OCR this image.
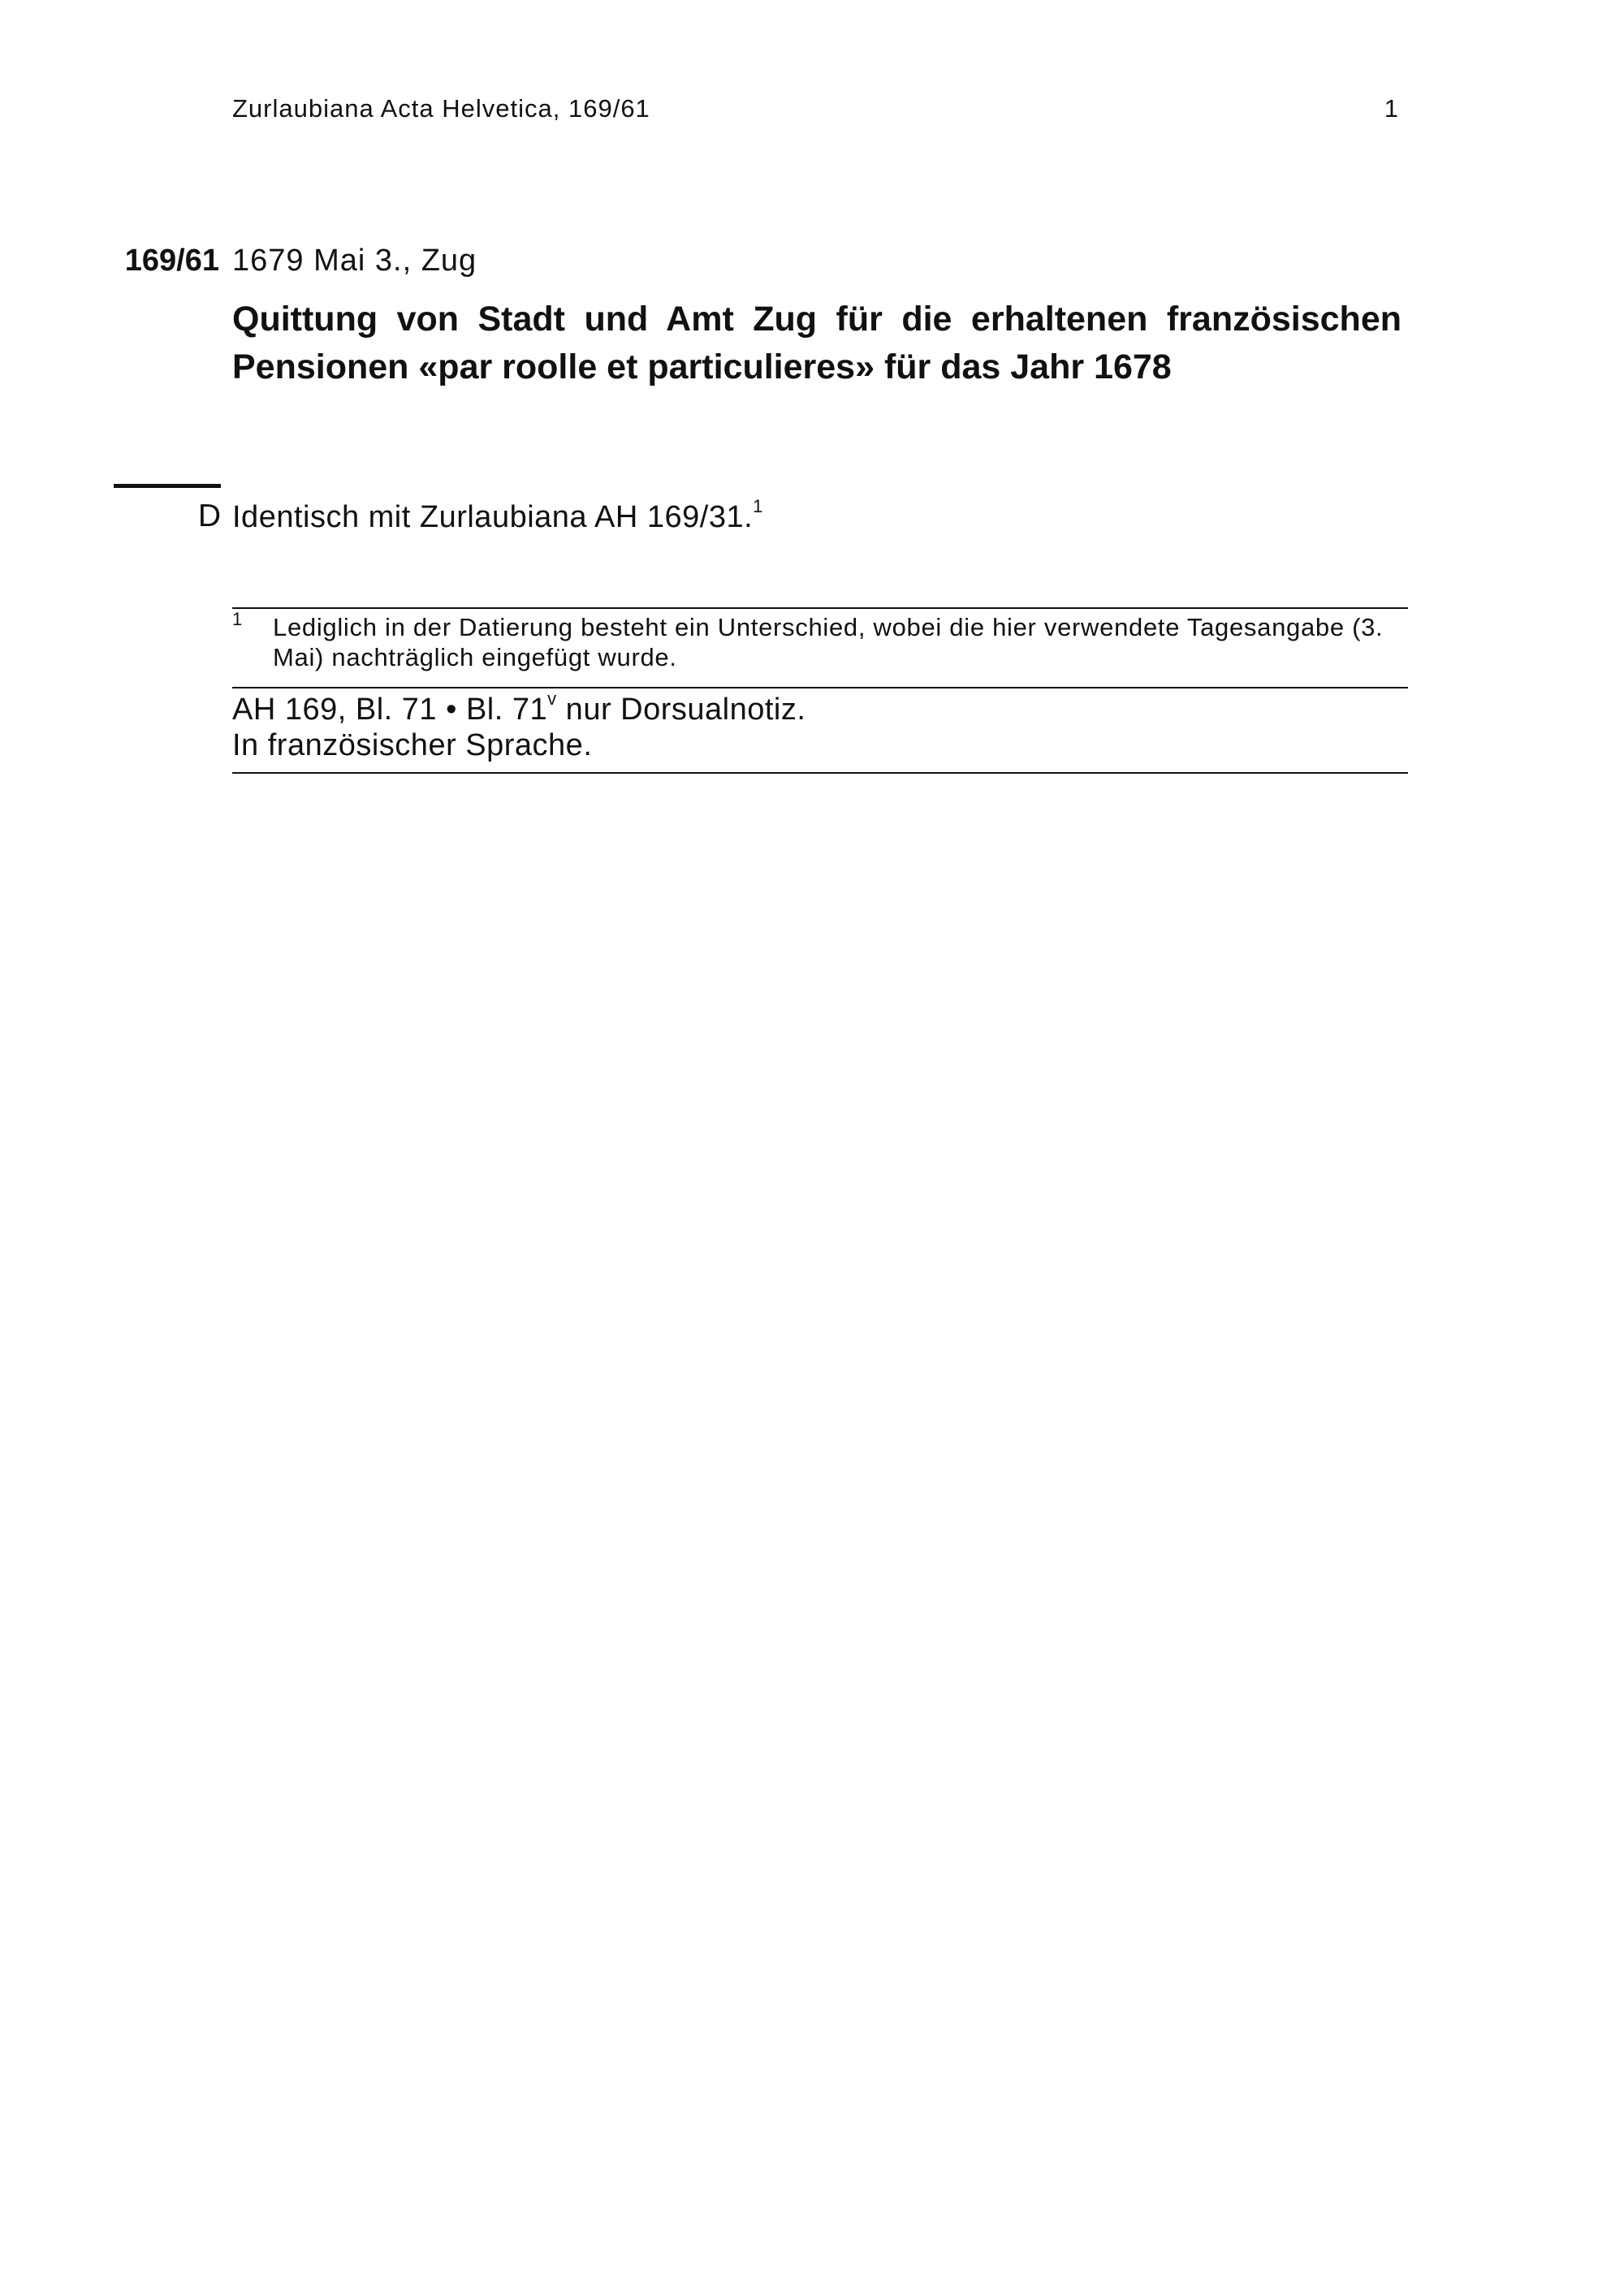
Zurlaubiana Acta Helvetica, 169/61	1
169/61 1679 Mai 3., Zug
Quittung von Stadt und Amt Zug für die erhaltenen französischen Pensionen «par roolle et particulieres» für das Jahr 1678
D Identisch mit Zurlaubiana AH 169/31.$^1$
1 Lediglich in der Datierung besteht ein Unterschied, wobei die hier verwendete Tagesangabe (3. Mai) nachträglich eingefügt wurde.
AH 169, Bl. 71 • Bl. 71$^v$ nur Dorsualnotiz.
In französischer Sprache.
